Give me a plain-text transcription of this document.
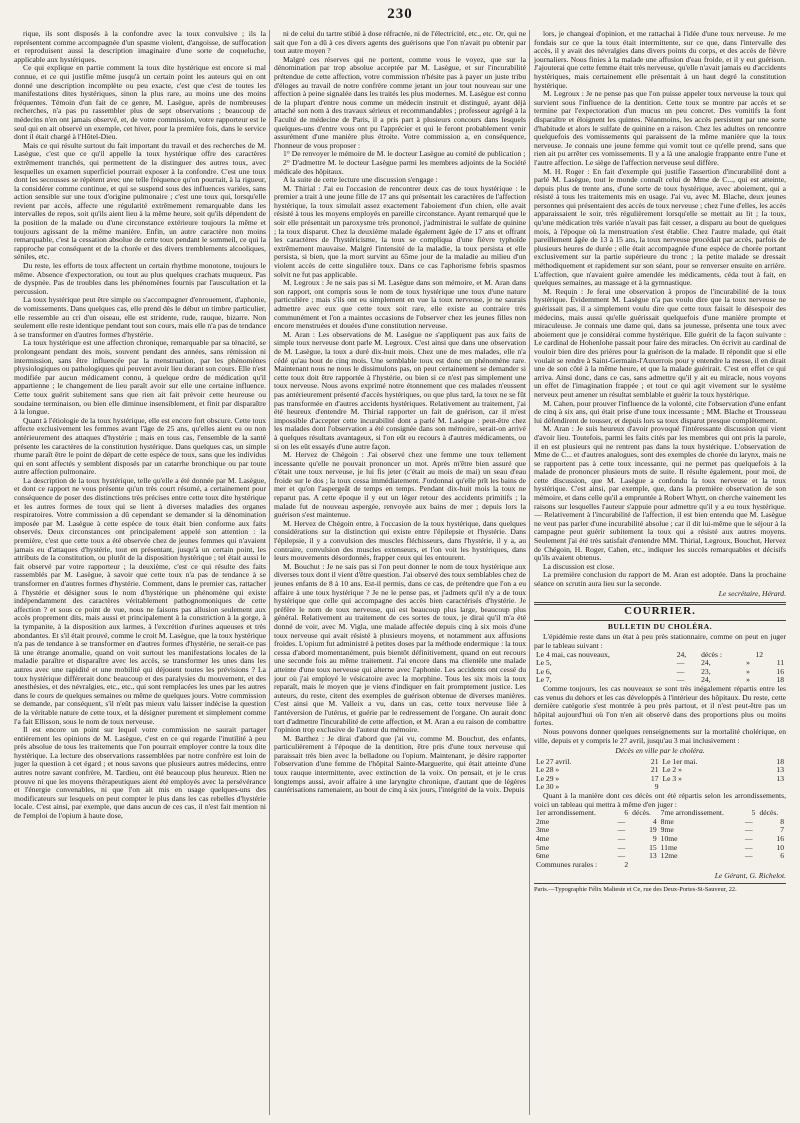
230

rique, ils sont disposés à la confondre avec la toux convulsive ; ils la représentent comme accompagnée d'un spasme violent, d'angoisse, de suffocation et reproduisent aussi la description imaginaire d'une sorte de coqueluche, applicable aux hystériques.

Ce qui explique en partie comment la toux dite hystérique est encore si mal connue, et ce qui justifie même jusqu'à un certain point les auteurs qui en ont donné une description incomplète ou peu exacte, c'est que c'est de toutes les manifestations dites hystériques, sinon la plus rare, au moins une des moins fréquentes. Témoin d'un fait de ce genre, M. Lasègue, après de nombreuses recherches, n'a pas pu rassembler plus de sept observations ; beaucoup de médecins n'en ont jamais observé, et, de votre commission, votre rapporteur est le seul qui en ait observé un exemple, cet hiver, pour la première fois, dans le service dont il était chargé à l'Hôtel-Dieu.

Mais ce qui résulte surtout du fait important du travail et des recherches de M. Lasègue, c'est que ce qu'il appelle la toux hystérique offre des caractères extrêmement tranchés, qui permettent de la distinguer des autres toux, avec lesquelles un examen superficiel pourrait exposer à la confondre. C'est une toux dont les secousses se répètent avec une telle fréquence qu'on pourrait, à la rigueur, la considérer comme continue, et qui se suspend sous des influences variées, sans action sensible sur une toux d'origine pulmonaire ; c'est une toux qui, lorsqu'elle revient par accès, affecte une régularité extrêmement remarquable dans les intervalles de repos, soit qu'ils aient lieu à la même heure, soit qu'ils dépendent de la position de la malade ou d'une circonstance extérieure toujours la même et toujours agissant de la même manière. Enfin, un autre caractère non moins remarquable, c'est la cessation absolue de cette toux pendant le sommeil, ce qui la rapproche par conséquent et de la chorée et des divers tremblements alcooliques, séniles, etc.

Du reste, les efforts de toux affectent un certain rhythme monotone, toujours le même. Absence d'expectoration, ou tout au plus quelques crachats muqueux. Pas de dyspnée. Pas de troubles dans les phénomènes fournis par l'auscultation et la percussion.

La toux hystérique peut être simple ou s'accompagner d'enrouement, d'aphonie, de vomissements. Dans quelques cas, elle prend dès le début un timbre particulier, elle ressemble au cri d'un oiseau, elle est stridente, rude, rauque, bizarre. Non seulement elle reste identique pendant tout son cours, mais elle n'a pas de tendance à se transformer en d'autres formes d'hystérie.

La toux hystérique est une affection chronique, remarquable par sa ténacité, se prolongeant pendant des mois, souvent pendant des années, sans rémission ni intermission, sans être influencée par la menstruation, par les phénomènes physiologiques ou pathologiques qui peuvent avoir lieu durant son cours. Elle n'est modifiée par aucun médicament connu, à quelque ordre de médication qu'il appartienne ; le changement de lieu paraît avoir sur elle une certaine influence. Cette toux guérit subitement sans que rien ait fait prévoir cette heureuse ou soudaine terminaison, ou bien elle diminue insensiblement, et finit par disparaître à la longue.

Quant à l'étiologie de la toux hystérique, elle est encore fort obscure. Cette toux affecte exclusivement les femmes avant l'âge de 25 ans, qu'elles aient eu ou non antérieurement des attaques d'hystérie ; mais en tous cas, l'ensemble de la santé présente les caractères de la constitution hystérique. Dans quelques cas, un simple rhume paraît être le point de départ de cette espèce de toux, sans que les individus qui en sont affectés y semblent disposés par un catarrhe bronchique ou par toute autre affection pulmonaire.

La description de la toux hystérique, telle qu'elle a été donnée par M. Lasègue, et dont ce rapport ne vous présente qu'un très court résumé, a certainement pour conséquence de poser des distinctions très précises entre cette toux dite hystérique et les autres formes de toux qui se lient à diverses maladies des organes respiratoires. Votre commission a dû cependant se demander si la dénomination imposée par M. Lasègue à cette espèce de toux était bien conforme aux faits observés. Deux circonstances ont principalement appelé son attention : la première, c'est que cette toux a été observée chez de jeunes femmes qui n'avaient jamais eu d'attaques d'hystérie, tout en présentant, jusqu'à un certain point, les attributs de la constitution, ou plutôt de la disposition hystérique ; tel était aussi le fait observé par votre rapporteur ; la deuxième, c'est ce qui résulte des faits rassemblés par M. Lasègue, à savoir que cette toux n'a pas de tendance à se transformer en d'autres formes d'hystérie. Comment, dans le premier cas, rattacher à l'hystérie et désigner sous le nom d'hystérique un phénomène qui existe indépendamment des caractères véritablement pathognomoniques de cette affection ? et sous ce point de vue, nous ne faisons pas allusion seulement aux accès proprement dits, mais aussi et principalement à la constriction à la gorge, à la tympanite, à la disposition aux larmes, à l'excrétion d'urines aqueuses et très abondantes. Et s'il était prouvé, comme le croit M. Lasègue, que la toux hystérique n'a pas de tendance à se transformer en d'autres formes d'hystérie, ne serait-ce pas là une étrange anomalie, quand on voit surtout les manifestations locales de la maladie paraître et disparaître avec les accès, se transformer les unes dans les autres avec une rapidité et une mobilité qui déjouent toutes les prévisions ? La toux hystérique différerait donc beaucoup et des paralysies du mouvement, et des anesthésies, et des névralgies, etc., etc., qui sont remplacées les unes par les autres dans le cours de quelques semaines ou même de quelques jours. Votre commission se demande, par conséquent, s'il n'eût pas mieux valu laisser indécise la question de la véritable nature de cette toux, et la désigner purement et simplement comme l'a fait Ellisson, sous le nom de toux nerveuse.

Il est encore un point sur lequel votre commission ne saurait partager entièrement les opinions de M. Lasègue, c'est en ce qui regarde l'inutilité à peu près absolue de tous les traitements que l'on pourrait employer contre la toux dite hystérique. La lecture des observations rassemblées par notre confrère est loin de juger la question à cet égard ; et nous savons que plusieurs autres médecins, entre autres notre savant confrère, M. Tardieu, ont été beaucoup plus heureux. Rien ne prouve ni que les moyens thérapeutiques aient été employés avec la persévérance et l'énergie convenables, ni que l'on ait mis en usage quelques-uns des modificateurs sur lesquels on peut compter le plus dans les cas rebelles d'hystérie locale. C'est ainsi, par exemple, que dans aucun de ces cas, il n'est fait mention ni de l'emploi de l'opium à haute dose,

ni de celui du tartre stibié à dose réfractée, ni de l'électricité, etc., etc. Or, qui ne sait que l'on a dû à ces divers agents des guérisons que l'on n'avait pu obtenir par tout autre moyen ?

Malgré ces réserves qui ne portent, comme vous le voyez, que sur la dénomination par trop absolue acceptée par M. Lasègue, et sur l'incurabilité prétendue de cette affection, votre commission n'hésite pas à payer un juste tribu d'éloges au travail de notre confrère comme jetant un jour tout nouveau sur une affection à peine signalée dans les traités les plus modernes. M. Lasègue est connu de la plupart d'entre nous comme un médecin instruit et distingué, ayant déjà attaché son nom à des travaux sérieux et recommandables ; professeur agrégé à la Faculté de médecine de Paris, il a pris part à plusieurs concours dans lesquels quelques-uns d'entre vous ont pu l'apprécier et qui le feront probablement venir assurément d'une manière plus étroite. Votre commission a, en conséquence, l'honneur de vous proposer :

1° De renvoyer le mémoire de M. le docteur Lasègue au comité de publication ;

2° D'admettre M. le docteur Lasègue parmi les membres adjoints de la Société médicale des hôpitaux.

A la suite de cette lecture une discussion s'engage :

M. Thirial : J'ai eu l'occasion de rencontrer deux cas de toux hystérique : le premier a trait à une jeune fille de 17 ans qui présentait les caractères de l'affection hystérique, la toux simulait assez exactement l'aboiement d'un chien, elle avait résisté à tous les moyens employés en pareille circonstance. Ayant remarqué que le soir elle présentait un paroxysme très prononcé, j'administrai le sulfate de quinine ; la toux disparut. Chez la deuxième malade également âgée de 17 ans et offrant les caractères de l'hystéricisme, la toux se compliqua d'une fièvre typhoïde extrêmement mauvaise. Malgré l'intensité de la maladie, la toux persista et elle persista, si bien, que la mort survint au 65me jour de la maladie au milieu d'un violent accès de cette singulière toux. Dans ce cas l'aphorisme febris spasmos solvit ne fut pas applicable.

M. Legroux : Je ne sais pas si M. Lasègue dans son mémoire, et M. Aran dans son rapport, ont compris sous le nom de toux hystérique une toux d'une nature particulière ; mais s'ils ont eu simplement en vue la toux nerveuse, je ne saurais admettre avec eux que cette toux soit rare, elle existe au contraire très communément et l'on a maintes occasions de l'observer chez les jeunes filles non encore menstruées et douées d'une constitution nerveuse.

M. Aran : Les observations de M. Lasègue ne s'appliquent pas aux faits de simple toux nerveuse dont parle M. Legroux. C'est ainsi que dans une observation de M. Lasègue, la toux a duré dix-huit mois. Chez une de mes malades, elle n'a cédé qu'au bout de cinq mois. Une semblable toux est donc un phénomène rare. Maintenant nous ne nous le dissimulons pas, on peut certainement se demander si cette toux doit être rapportée à l'hystérie, ou bien si ce n'est pas simplement une toux nerveuse. Nous avons exprimé notre étonnement que ces malades n'eussent pas antérieurement présenté d'accès hystériques, ou que plus tard, la toux ne se fût pas transformée en d'autres accidents hystériques. Relativement au traitement, j'ai été heureux d'entendre M. Thirial rapporter un fait de guérison, car il m'est impossible d'accepter cette incurabilité dont a parlé M. Lasègue : peut-être chez les malades dont l'observation a été consignée dans son mémoire, serait-on arrivé à quelques résultats avantageux, si l'on eût eu recours à d'autres médicaments, ou si on les eût essayés d'une autre façon.

M. Hervez de Chégoin : J'ai observé chez une femme une toux tellement incessante qu'elle ne pouvait prononcer un mot. Après m'être bien assuré que c'était une toux nerveuse, je lui fis jeter (c'était au mois de mai) un seau d'eau froide sur le dos ; la toux cessa immédiatement. J'ordonnai qu'elle prît les bains de mer et qu'on l'aspergeât de temps en temps. Pendant dix-huit mois la toux ne reparut pas. A cette époque il y eut un léger retour des accidents primitifs ; la malade fut de nouveau aspergée, renvoyée aux bains de mer ; depuis lors la guérison s'est maintenue.

M. Hervez de Chégoin entre, à l'occasion de la toux hystérique, dans quelques considérations sur la distinction qui existe entre l'épilepsie et l'hystérie. Dans l'épilepsie, il y a convulsion des muscles fléchisseurs, dans l'hystérie, il y a, au contraire, convulsion des muscles extenseurs, et l'on voit les hystériques, dans leurs mouvements désordonnés, frapper ceux qui les entourent.

M. Bouchut : Je ne sais pas si l'on peut donner le nom de toux hystérique aux diverses toux dont il vient d'être question. J'ai observé des toux semblables chez de jeunes enfants de 8 à 10 ans. Est-il permis, dans ce cas, de prétendre que l'on a eu affaire à une toux hystérique ? Je ne le pense pas, et j'admets qu'il n'y a de toux hystérique que celle qui accompagne des accès bien caractérisés d'hystérie. Je préfère le nom de toux nerveuse, qui est beaucoup plus large, beaucoup plus général. Relativement au traitement de ces sortes de toux, je dirai qu'il m'a été donné de voir, avec M. Vigla, une malade affectée depuis cinq à six mois d'une toux nerveuse qui avait résisté à plusieurs moyens, et notamment aux affusions froides. L'opium fut administré à petites doses par la méthode endermique : la toux cessa d'abord momentanément, puis bientôt définitivement, quand on eut recours une seconde fois au même traitement. J'ai encore dans ma clientèle une malade atteinte d'une toux nerveuse qui alterne avec l'aphonie. Les accidents ont cessé du jour où j'ai employé le vésicatoire avec la morphine. Tous les six mois la toux reparaît, mais le moyen que je viens d'indiquer en fait promptement justice. Les auteurs, du reste, citent des exemples de guérison obtenue de diverses manières. C'est ainsi que M. Valleix a vu, dans un cas, cette toux nerveuse liée à l'antéversion de l'utérus, et guérie par le redressement de l'organe. On aurait donc tort d'admettre l'incurabilité de cette affection, et M. Aran a eu raison de combattre l'opinion trop exclusive de l'auteur du mémoire.

M. Barthez : Je dirai d'abord que j'ai vu, comme M. Bouchut, des enfants, particulièrement à l'époque de la dentition, être pris d'une toux nerveuse qui paraissait très bien avec la belladone ou l'opium. Maintenant, je désire rapporter l'observation d'une femme de l'hôpital Sainte-Marguerite, qui était atteinte d'une toux rauque intermittente, avec extinction de la voix. On pensait, et je le crus longtemps aussi, avoir affaire à une laryngite chronique, d'autant que de légères cautérisations ramenaient, au bout de cinq à six jours, l'intégrité de la voix. Depuis

lors, je changeai d'opinion, et me rattachai à l'idée d'une toux nerveuse. Je me fondais sur ce que la toux était intermittente, sur ce que, dans l'intervalle des accès, il y avait des névralgies dans divers points du corps, et des accès de fièvre journaliers. Nous finies à la malade une affusion d'eau froide, et il y eut guérison. J'ajouterai que cette femme était très nerveuse, qu'elle n'avait jamais eu d'accidents hystériques, mais certainement elle présentait à un haut degré la constitution hystérique.

M. Legroux : Je ne pense pas que l'on puisse appeler toux nerveuse la toux qui survient sous l'influence de la dentition. Cette toux se montre par accès et se termine par l'expectoration d'un mucus un peu concret. Des vomitifs la font disparaître et éloignent les quintes. Néanmoins, les accès persistent par une sorte d'habitude et alors le sulfate de quinine en a raison. Chez les adultes on rencontre quelquefois des vomissements qui paraissent de la même manière que la toux nerveuse. Je connais une jeune femme qui vomit tout ce qu'elle prend, sans que rien ait pu arrêter ces vomissements. Il y a là une analogie frappante entre l'une et l'autre affection. Le siège de l'affection nerveuse seul diffère.

M. H. Roger : En fait d'exemple qui justifie l'assertion d'incurabilité dont a parlé M. Lasègue, tout le monde connaît celui de Mme de C..., qui est atteinte, depuis plus de trente ans, d'une sorte de toux hystérique, avec aboiement, qui a résisté à tous les traitements mis en usage. J'ai vu, avec M. Blache, deux jeunes personnes qui présentaient des accès de toux nerveuse ; chez l'une d'elles, les accès apparaissaient le soir, très régulièrement lorsqu'elle se mettait au lit ; la toux, qu'une médication très variée n'avait pas fait cesser, a disparu au bout de quelques mois, à l'époque où la menstruation s'est établie. Chez l'autre malade, qui était pareillement âgée de 13 à 15 ans, la toux nerveuse procédait par accès, parfois de plusieurs heures de durée ; elle était accompagnée d'une espèce de chorée portant exclusivement sur la partie supérieure du tronc ; la petite malade se dressait méthodiquement et rapidement sur son séant, pour se renverser ensuite en arrière. L'affection, que n'avaient guère amendée les médicaments, céda tout à fait, en quelques semaines, au massage et à la gymnastique.

M. Requin : Je ferai une observation à propos de l'incurabilité de la toux hystérique. Évidemment M. Lasègue n'a pas voulu dire que la toux nerveuse ne guérissait pas, il a simplement voulu dire que cette toux faisait le désespoir des médecins, mais aussi qu'elle guérissait quelquefois d'une manière prompte et miraculeuse. Je connais une dame qui, dans sa jeunesse, présenta une toux avec aboiement que je considérai comme hystérique. Elle guérit de la façon suivante : Le cardinal de Hohenlohe passait pour faire des miracles. On écrivit au cardinal de vouloir bien dire des prières pour la guérison de la malade. Il répondit que si elle voulait se rendre à Saint-Germain-l'Auxerrois pour y entendre la messe, il en dirait une de son côté à la même heure, et que la malade guérirait. C'est en effet ce qui arriva. Ainsi donc, dans ce cas, sans admettre qu'il y ait eu miracle, nous voyons un effet de l'imagination frappée ; et tout ce qui agit vivement sur le système nerveux peut amener un résultat semblable et guérir la toux hystérique.

M. Cahen, pour prouver l'influence de la volonté, cite l'observation d'une enfant de cinq à six ans, qui était prise d'une toux incessante ; MM. Blache et Trousseau lui défendirent de tousser, et depuis lors sa toux disparut presque complètement.

M. Aran : Je suis heureux d'avoir provoqué l'intéressante discussion qui vient d'avoir lieu. Toutefois, parmi les faits cités par les membres qui ont pris la parole, il en est plusieurs qui ne rentrent pas dans la toux hystérique. L'observation de Mme de C... et d'autres analogues, sont des exemples de chorée du larynx, mais ne se rapportent pas à cette toux incessante, qui ne permet pas quelquefois à la malade de prononcer plusieurs mots de suite. Il résulte également, pour moi, de cette discussion, que M. Lasègue a confondu la toux nerveuse et la toux hystérique. C'est ainsi, par exemple, que, dans la première observation de son mémoire, et dans celle qu'il a empruntée à Robert Whytt, on cherche vainement les raisons sur lesquelles l'auteur s'appuie pour admettre qu'il y a eu toux hystérique. — Relativement à l'incurabilité de l'affection, il est bien entendu que M. Lasègue ne veut pas parler d'une incurabilité absolue ; car il dit lui-même que le séjour à la campagne peut guérir subitement la toux qui a résisté aux autres moyens. Seulement j'ai été très satisfait d'entendre MM. Thirial, Legroux, Bouchut, Hervez de Chégoin, H. Roger, Cahen, etc., indiquer les succès remarquables et décisifs qu'ils avaient obtenus.

La discussion est close.

La première conclusion du rapport de M. Aran est adoptée. Dans la prochaine séance on scrutin aura lieu sur la seconde.

Le secrétaire, Hérard.
COURRIER.
BULLETIN DU CHOLÉRA.

L'épidémie reste dans un état à peu près stationnaire, comme on peut en juger par le tableau suivant :

Le 4 mai, cas nouveaux,	24,	décès :	12	
Le 5,	—	24,	»	11
Le 6,	—	23,	»	16
Le 7,	—	24,	»	18

Comme toujours, les cas nouveaux se sont très inégalement répartis entre les cas venus du dehors et les cas développés à l'intérieur des hôpitaux. Du reste, cette dernière catégorie s'est montrée à peu près partout, et il n'est peut-être pas un hôpital aujourd'hui où l'on n'en ait observé dans des proportions plus ou moins fortes.

Nous pouvons donner quelques renseignements sur la mortalité cholérique, en ville, depuis et y compris le 27 avril, jusqu'au 3 mai inclusivement :

Décès en ville par le choléra.
Le 27 avril.	21	Le 1er mai.	18
Le 28 »	21	Le 2 »	13
Le 29 »	17	Le 3 »	13
Le 30 »	9		

Quant à la manière dont ces décès ont été répartis selon les arrondissements, voici un tableau qui mettra à même d'en juger :

1er arrondissement.	6	décès.	7me arrondissement.	5	décès.
2me	—	4	8me	—	8
3me	—	19	9me	—	7
4me	—	9	10me	—	16
5me	—	15	11me	—	10
6me	—	13	12me	—	6
Communes rurales :	2				
Le Gérant, G. Richelot.
Paris.—Typographie Félix Malteste et Ce, rue des Deux-Portes-St-Sauveur, 22.
